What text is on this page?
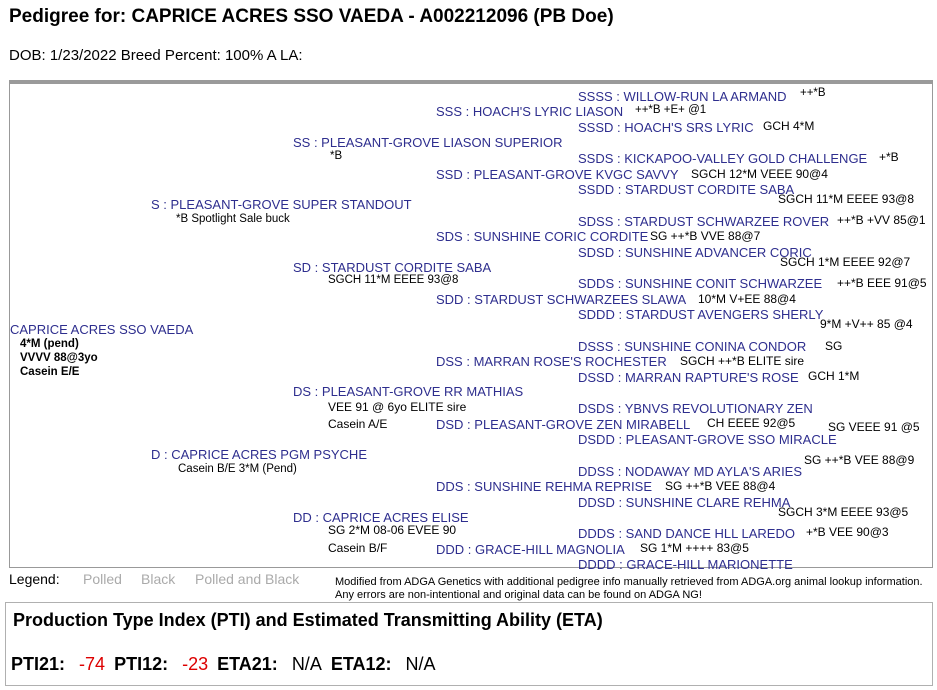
Pedigree for: CAPRICE ACRES SSO VAEDA - A002212096 (PB Doe)
DOB: 1/23/2022 Breed Percent: 100% A LA:
CAPRICE ACRES SSO VAEDA
4*M (pend)
VVVV 88@3yo
Casein E/E
S : PLEASANT-GROVE SUPER STANDOUT
*B Spotlight Sale buck
SS : PLEASANT-GROVE LIASON SUPERIOR
*B
SD : STARDUST CORDITE SABA
SGCH 11*M EEEE 93@8
SSS : HOACH'S LYRIC LIASON ++*B +E+ @1
SSD : PLEASANT-GROVE KVGC SAVVY SGCH 12*M VEEE 90@4
SDS : SUNSHINE CORIC CORDITE SG ++*B VVE 88@7
SDD : STARDUST SCHWARZEES SLAWA 10*M V+EE 88@4
SSSS : WILLOW-RUN LA ARMAND ++*B
SSSD : HOACH'S SRS LYRIC GCH 4*M
SSDS : KICKAPOO-VALLEY GOLD CHALLENGE +*B
SSDD : STARDUST CORDITE SABA
SGCH 11*M EEEE 93@8
SDSS : STARDUST SCHWARZEE ROVER ++*B +VV 85@1
SDSD : SUNSHINE ADVANCER CORIC
SGCH 1*M EEEE 92@7
SDDS : SUNSHINE CONIT SCHWARZEE ++*B EEE 91@5
SDDD : STARDUST AVENGERS SHERLY
9*M +V++ 85 @4
D : CAPRICE ACRES PGM PSYCHE
Casein B/E 3*M (Pend)
DS : PLEASANT-GROVE RR MATHIAS
VEE 91 @ 6yo ELITE sire
Casein A/E
DD : CAPRICE ACRES ELISE
SG 2*M 08-06 EVEE 90
Casein B/F
DSS : MARRAN ROSE'S ROCHESTER SGCH ++*B ELITE sire
DSD : PLEASANT-GROVE ZEN MIRABELL CH EEEE 92@5
DDS : SUNSHINE REHMA REPRISE SG ++*B VEE 88@4
DDD : GRACE-HILL MAGNOLIA SG 1*M ++++ 83@5
DSSS : SUNSHINE CONINA CONDOR SG
DSSD : MARRAN RAPTURE'S ROSE GCH 1*M
DSDS : YBNVS REVOLUTIONARY ZEN
DSDD : PLEASANT-GROVE SSO MIRACLE
SG VEEE 91 @5
DDSS : NODAWAY MD AYLA'S ARIES
SG ++*B VEE 88@9
DDSD : SUNSHINE CLARE REHMA
SGCH 3*M EEEE 93@5
DDDS : SAND DANCE HLL LAREDO +*B VEE 90@3
DDDD : GRACE-HILL MARIONETTE
Legend: Polled Black Polled and Black	Modified from ADGA Genetics with additional pedigree info manually retrieved from ADGA.org animal lookup information. Any errors are non-intentional and original data can be found on ADGA NG!
Production Type Index (PTI) and Estimated Transmitting Ability (ETA)
PTI21: -74 PTI12: -23 ETA21: N/A ETA12: N/A
